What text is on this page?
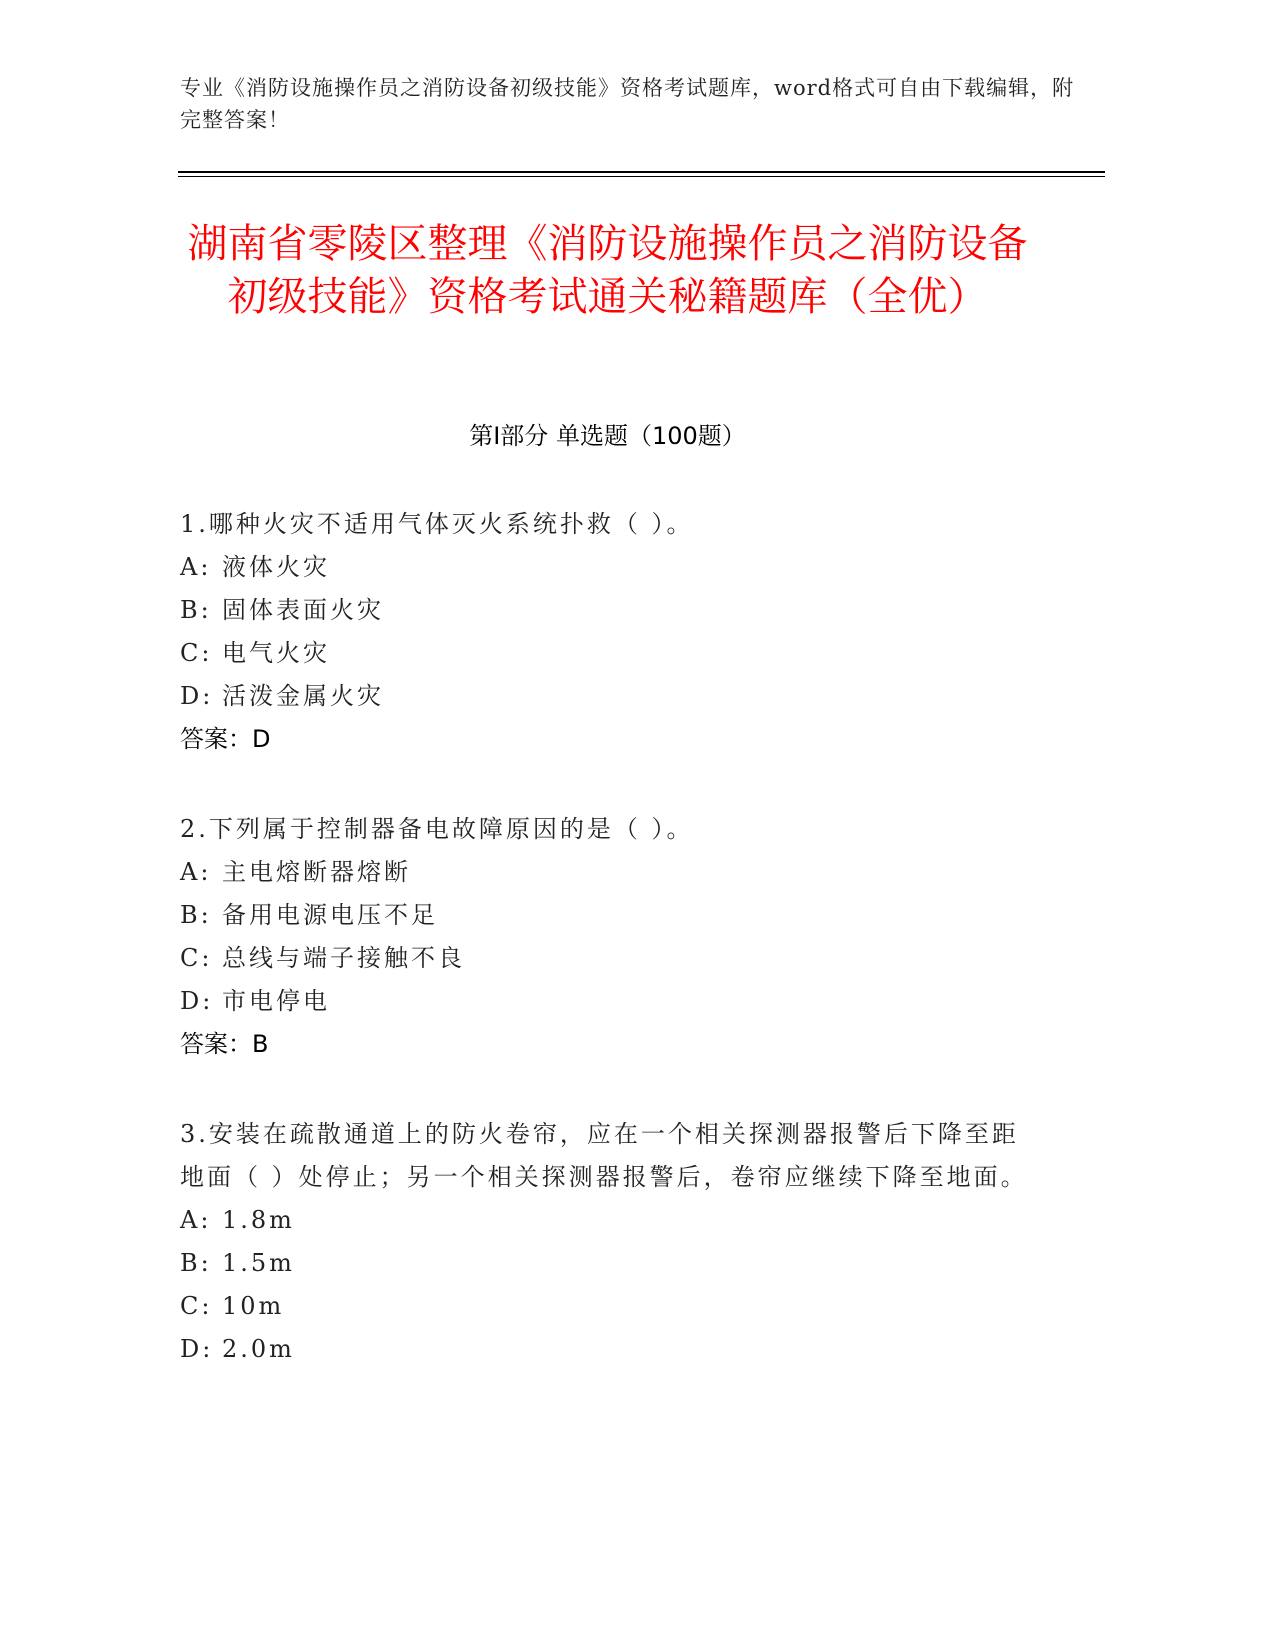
专业《消防设施操作员之消防设备初级技能》资格考试题库，word格式可自由下载编辑，附完整答案！
湖南省零陵区整理《消防设施操作员之消防设备初级技能》资格考试通关秘籍题库（全优）
第Ⅰ部分 单选题（100题）

1.哪种火灾不适用气体灭火系统扑救（ ）。

A: 液体火灾

B: 固体表面火灾

C: 电气火灾

D: 活泼金属火灾

答案：D

2.下列属于控制器备电故障原因的是（ ）。

A: 主电熔断器熔断

B: 备用电源电压不足

C: 总线与端子接触不良

D: 市电停电

答案：B

3.安装在疏散通道上的防火卷帘，应在一个相关探测器报警后下降至距地面（ ）处停止；另一个相关探测器报警后，卷帘应继续下降至地面。

A: 1.8m

B: 1.5m

C: 10m

D: 2.0m
